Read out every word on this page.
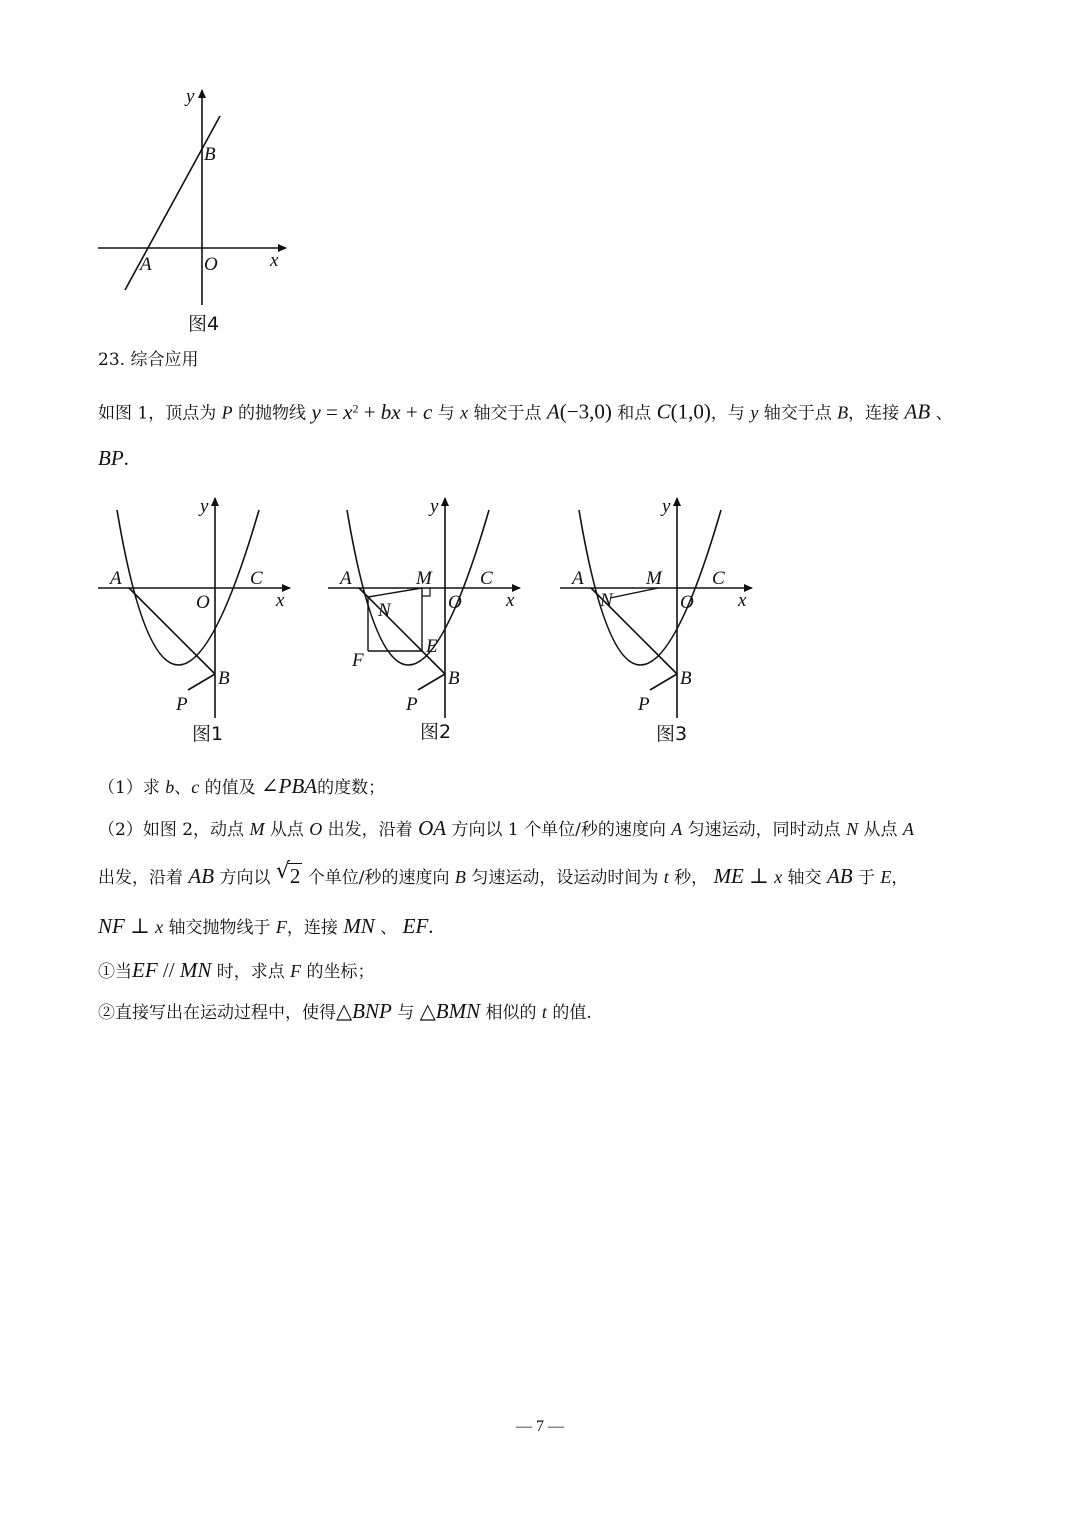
y
B
A	O	x
图4
23. 综合应用
如图 1，顶点为 P 的抛物线 $y = x^2$ + bx + c 与 x 轴交于点 A(−3,0) 和点 C(1,0)，与 y 轴交于点 B，连接 AB 、
BP.
y
A	C
O	x
B
P
图1
y
A	M	C
O x
N
E
F
B
P
图2
y
A	M	C
O x
N
B
P
图3
（1）求 b、c 的值及 ∠PBA的度数；
（2）如图 2，动点 M 从点 O 出发，沿着 OA 方向以 1 个单位/秒的速度向 A 匀速运动，同时动点 N 从点 A
出发，沿着 AB 方向以 √ 2 个单位/秒的速度向 B 匀速运动，设运动时间为 t 秒， ME ⊥ x 轴交 AB 于 E，
NF ⊥ x 轴交抛物线于 F，连接 MN 、 EF.
①当EF // MN 时，求点 F 的坐标；
②直接写出在运动过程中，使得△BNP 与 △BMN 相似的 t 的值.
— 7 —
